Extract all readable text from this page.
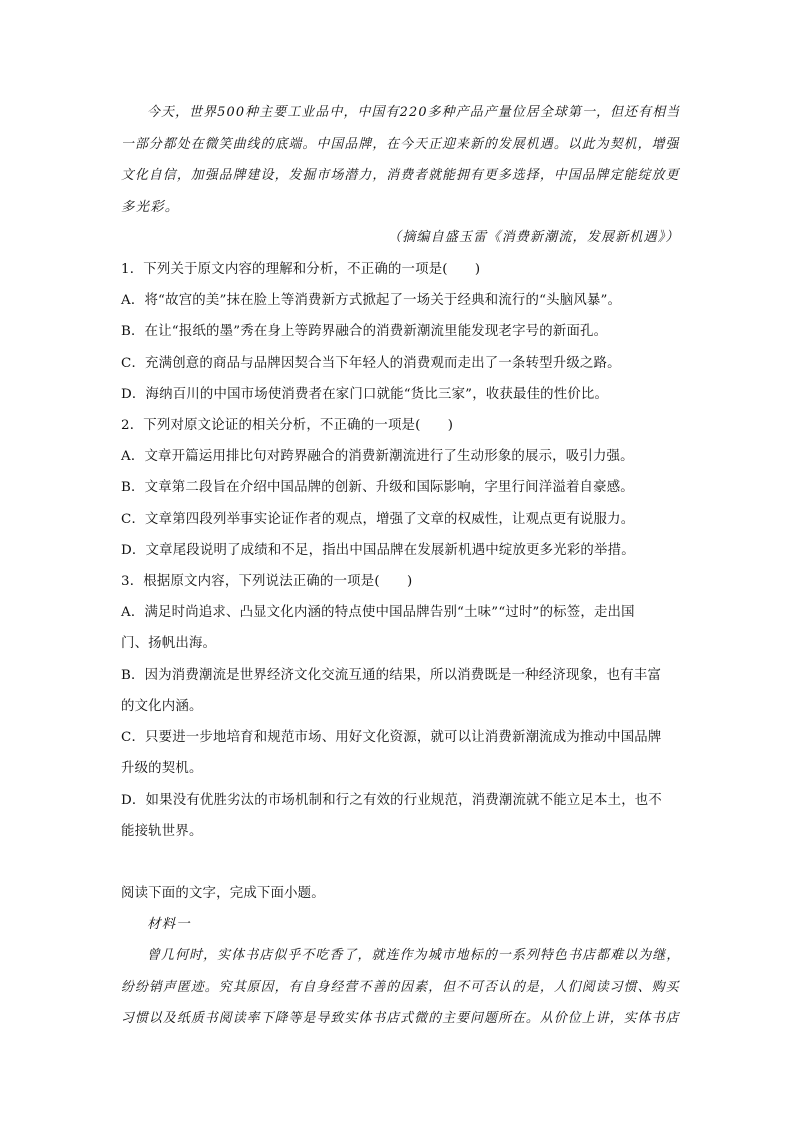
今天，世界500种主要工业品中，中国有220多种产品产量位居全球第一，但还有相当
一部分都处在微笑曲线的底端。中国品牌，在今天正迎来新的发展机遇。以此为契机，增强
文化自信，加强品牌建设，发掘市场潜力，消费者就能拥有更多选择，中国品牌定能绽放更
多光彩。
（摘编自盛玉雷《消费新潮流，发展新机遇》）
1．下列关于原文内容的理解和分析，不正确的一项是(　　)
A．将“故宫的美”抹在脸上等消费新方式掀起了一场关于经典和流行的“头脑风暴”。
B．在让“报纸的墨”秀在身上等跨界融合的消费新潮流里能发现老字号的新面孔。
C．充满创意的商品与品牌因契合当下年轻人的消费观而走出了一条转型升级之路。
D．海纳百川的中国市场使消费者在家门口就能“货比三家”，收获最佳的性价比。
2．下列对原文论证的相关分析，不正确的一项是(　　)
A．文章开篇运用排比句对跨界融合的消费新潮流进行了生动形象的展示，吸引力强。
B．文章第二段旨在介绍中国品牌的创新、升级和国际影响，字里行间洋溢着自豪感。
C．文章第四段列举事实论证作者的观点，增强了文章的权威性，让观点更有说服力。
D．文章尾段说明了成绩和不足，指出中国品牌在发展新机遇中绽放更多光彩的举措。
3．根据原文内容，下列说法正确的一项是(　　)
A．满足时尚追求、凸显文化内涵的特点使中国品牌告别“土味”“过时”的标签，走出国
门、扬帆出海。
B．因为消费潮流是世界经济文化交流互通的结果，所以消费既是一种经济现象，也有丰富
的文化内涵。
C．只要进一步地培育和规范市场、用好文化资源，就可以让消费新潮流成为推动中国品牌
升级的契机。
D．如果没有优胜劣汰的市场机制和行之有效的行业规范，消费潮流就不能立足本土，也不
能接轨世界。
阅读下面的文字，完成下面小题。
材料一
曾几何时，实体书店似乎不吃香了，就连作为城市地标的一系列特色书店都难以为继，
纷纷销声匿迹。究其原因，有自身经营不善的因素，但不可否认的是，人们阅读习惯、购买
习惯以及纸质书阅读率下降等是导致实体书店式微的主要问题所在。从价位上讲，实体书店
